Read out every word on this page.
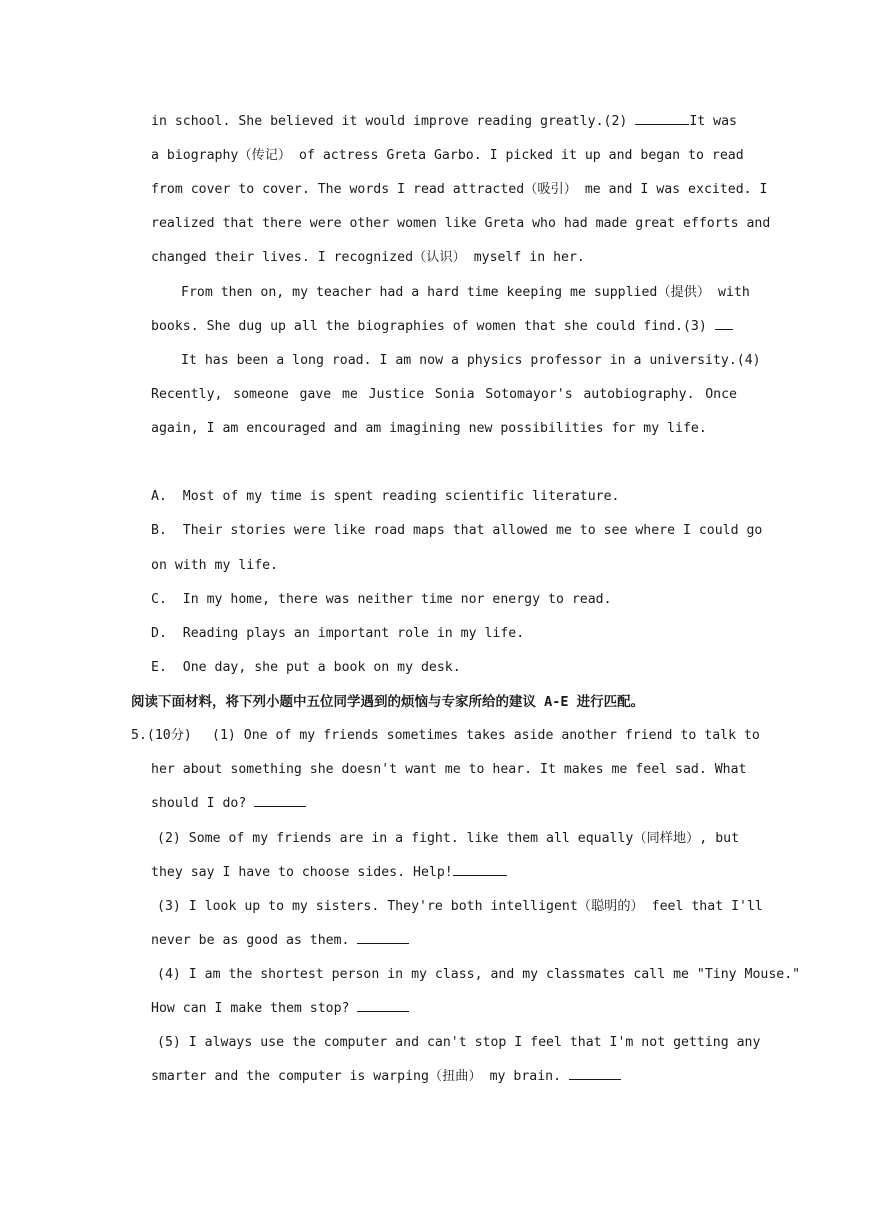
in school. She believed it would improve reading greatly.(2)	It was
a biography（传记） of actress Greta Garbo. I picked it up and began to read
from cover to cover. The words I read attracted（吸引） me and I was excited. I
realized that there were other women like Greta who had made great efforts and
changed their lives. I recognized（认识） myself in her.
From then on, my teacher had a hard time keeping me supplied（提供） with
books. She dug up all the biographies of women that she could find.(3)
It has been a long road. I am now a physics professor in a university.(4)
Recently, someone gave me Justice Sonia Sotomayor's autobiography. Once
again, I am encouraged and am imagining new possibilities for my life.
A. Most of my time is spent reading scientific literature.
B. Their stories were like road maps that allowed me to see where I could go
on with my life.
C. In my home, there was neither time nor energy to read.
D. Reading plays an important role in my life.
E. One day, she put a book on my desk.
阅读下面材料，将下列小题中五位同学遇到的烦恼与专家所给的建议 A-E 进行匹配。
5.(10分) (1) One of my friends sometimes takes aside another friend to talk to
her about something she doesn't want me to hear. It makes me feel sad. What
should I do?
(2) Some of my friends are in a fight. like them all equally（同样地）, but
they say I have to choose sides. Help!
(3) I look up to my sisters. They're both intelligent（聪明的） feel that I'll
never be as good as them.
(4) I am the shortest person in my class, and my classmates call me "Tiny Mouse."
How can I make them stop?
(5) I always use the computer and can't stop I feel that I'm not getting any
smarter and the computer is warping（扭曲） my brain.
